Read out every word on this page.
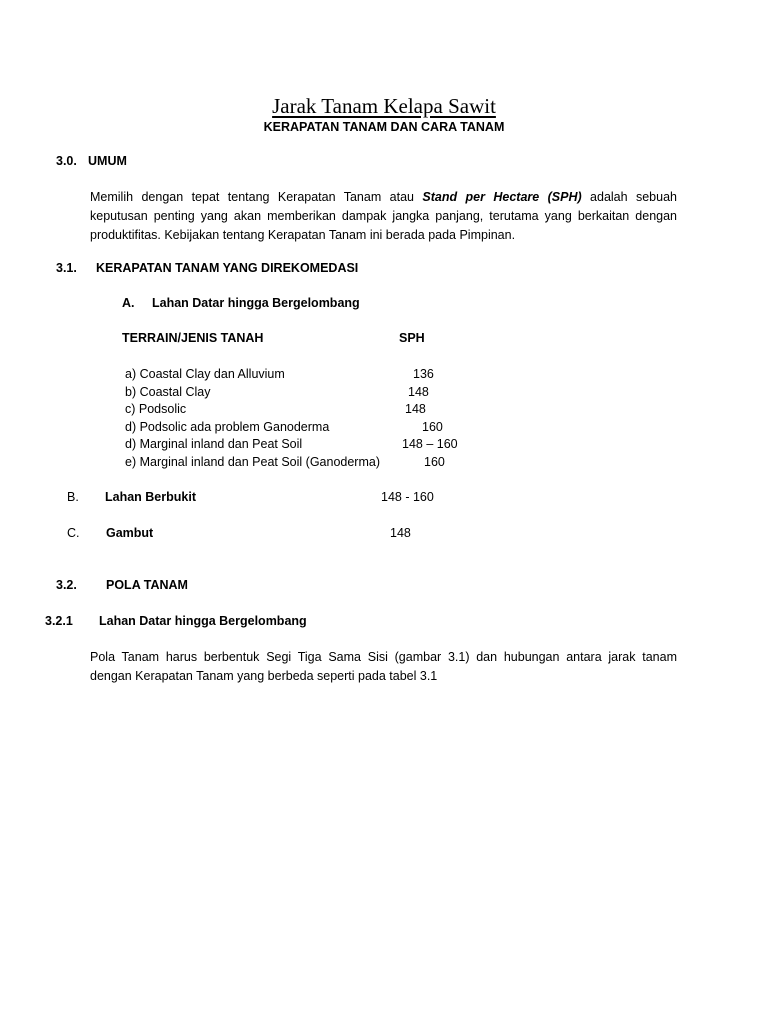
Jarak Tanam Kelapa Sawit
KERAPATAN TANAM DAN CARA TANAM
3.0. UMUM
Memilih dengan tepat tentang Kerapatan Tanam atau Stand per Hectare (SPH) adalah sebuah
keputusan penting yang akan memberikan dampak jangka panjang, terutama yang berkaitan dengan
produktifitas. Kebijakan tentang Kerapatan Tanam ini berada pada Pimpinan.
3.1. KERAPATAN TANAM YANG DIREKOMEDASI
A. Lahan Datar hingga Bergelombang
TERRAIN/JENIS TANAH	SPH
a) Coastal Clay dan Alluvium	136
b) Coastal Clay	148
c) Podsolic	148
d) Podsolic ada problem Ganoderma	160
d) Marginal inland dan Peat Soil	148 – 160
e) Marginal inland dan Peat Soil (Ganoderma)	160
B. Lahan Berbukit	148 - 160
C. Gambut	148
3.2. POLA TANAM
3.2.1 Lahan Datar hingga Bergelombang
Pola Tanam harus berbentuk Segi Tiga Sama Sisi (gambar 3.1) dan hubungan antara jarak tanam
dengan Kerapatan Tanam yang berbeda seperti pada tabel 3.1
